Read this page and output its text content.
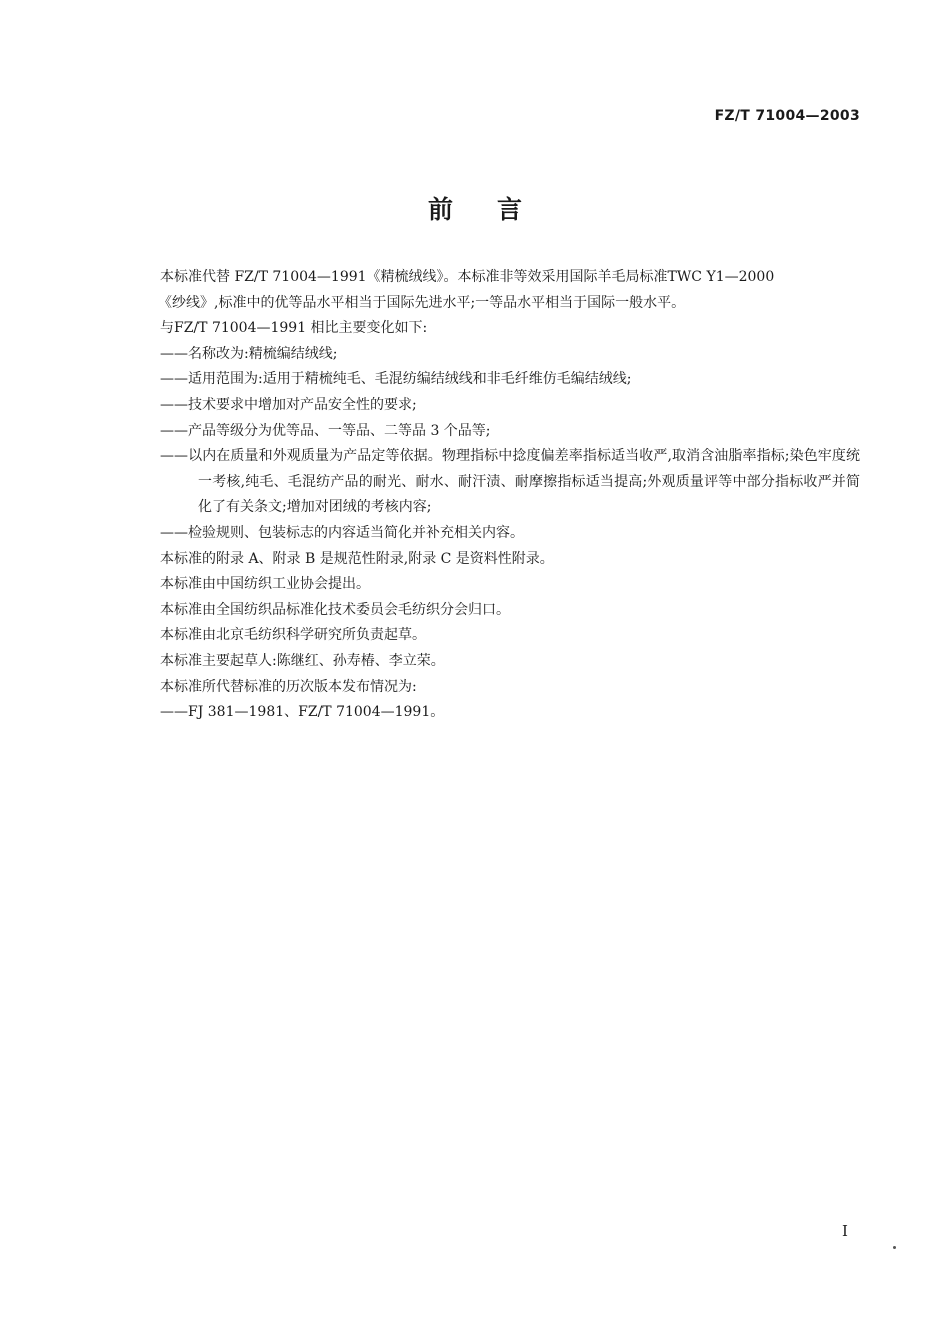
FZ/T 71004—2003
前言

本标准代替 FZ/T 71004—1991《精梳绒线》。本标准非等效采用国际羊毛局标准TWC Y1—2000

《纱线》,标准中的优等品水平相当于国际先进水平;一等品水平相当于国际一般水平。

与FZ/T 71004—1991 相比主要变化如下:

——名称改为:精梳编结绒线;

——适用范围为:适用于精梳纯毛、毛混纺编结绒线和非毛纤维仿毛编结绒线;

——技术要求中增加对产品安全性的要求;

——产品等级分为优等品、一等品、二等品 3 个品等;

——以内在质量和外观质量为产品定等依据。物理指标中捻度偏差率指标适当收严,取消含油脂率指标;染色牢度统一考核,纯毛、毛混纺产品的耐光、耐水、耐汗渍、耐摩擦指标适当提高;外观质量评等中部分指标收严并简化了有关条文;增加对团绒的考核内容;

——检验规则、包装标志的内容适当简化并补充相关内容。

本标准的附录 A、附录 B 是规范性附录,附录 C 是资料性附录。

本标准由中国纺织工业协会提出。

本标准由全国纺织品标准化技术委员会毛纺织分会归口。

本标准由北京毛纺织科学研究所负责起草。

本标准主要起草人:陈继红、孙寿椿、李立荣。

本标准所代替标准的历次版本发布情况为:

——FJ 381—1981、FZ/T 71004—1991。

I
